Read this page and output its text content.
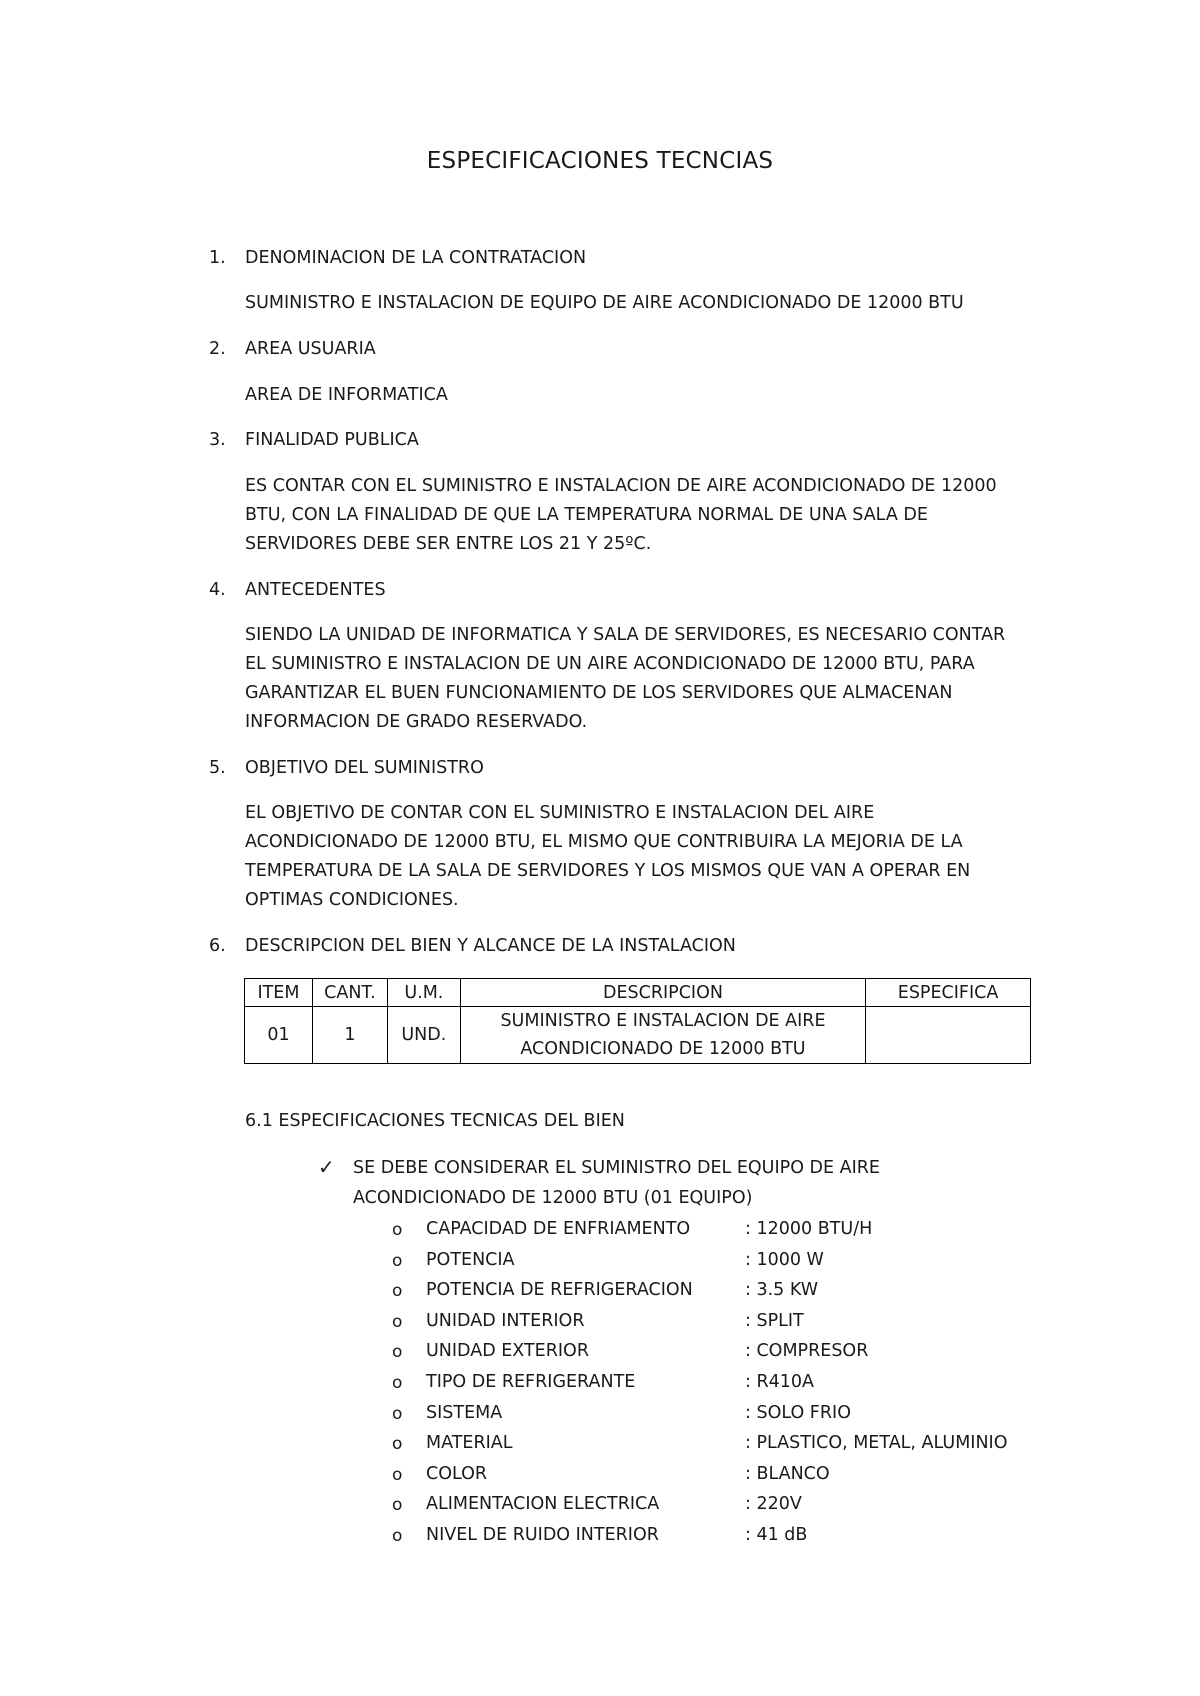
ESPECIFICACIONES TECNCIAS
1. DENOMINACION DE LA CONTRATACION
SUMINISTRO E INSTALACION DE EQUIPO DE AIRE ACONDICIONADO DE 12000 BTU
2. AREA USUARIA
AREA DE INFORMATICA
3. FINALIDAD PUBLICA
ES CONTAR CON EL SUMINISTRO E INSTALACION DE AIRE ACONDICIONADO DE 12000
BTU, CON LA FINALIDAD DE QUE LA TEMPERATURA NORMAL DE UNA SALA DE
SERVIDORES DEBE SER ENTRE LOS 21 Y 25ºC.
4. ANTECEDENTES
SIENDO LA UNIDAD DE INFORMATICA Y SALA DE SERVIDORES, ES NECESARIO CONTAR
EL SUMINISTRO E INSTALACION DE UN AIRE ACONDICIONADO DE 12000 BTU, PARA
GARANTIZAR EL BUEN FUNCIONAMIENTO DE LOS SERVIDORES QUE ALMACENAN
INFORMACION DE GRADO RESERVADO.
5. OBJETIVO DEL SUMINISTRO
EL OBJETIVO DE CONTAR CON EL SUMINISTRO E INSTALACION DEL AIRE
ACONDICIONADO DE 12000 BTU, EL MISMO QUE CONTRIBUIRA LA MEJORIA DE LA
TEMPERATURA DE LA SALA DE SERVIDORES Y LOS MISMOS QUE VAN A OPERAR EN
OPTIMAS CONDICIONES.
6. DESCRIPCION DEL BIEN Y ALCANCE DE LA INSTALACION
ITEM	CANT.	U.M.	DESCRIPCION	ESPECIFICA
01	1	UND.	SUMINISTRO E INSTALACION DE AIRE
ACONDICIONADO DE 12000 BTU	

6.1 ESPECIFICACIONES TECNICAS DEL BIEN
✓ SE DEBE CONSIDERAR EL SUMINISTRO DEL EQUIPO DE AIRE
ACONDICIONADO DE 12000 BTU (01 EQUIPO)
o CAPACIDAD DE ENFRIAMENTO	: 12000 BTU/H
o POTENCIA	: 1000 W
o POTENCIA DE REFRIGERACION	: 3.5 KW
o UNIDAD INTERIOR	: SPLIT
o UNIDAD EXTERIOR	: COMPRESOR
o TIPO DE REFRIGERANTE	: R410A
o SISTEMA	: SOLO FRIO
o MATERIAL	: PLASTICO, METAL, ALUMINIO
o COLOR	: BLANCO
o ALIMENTACION ELECTRICA	: 220V
o NIVEL DE RUIDO INTERIOR	: 41 dB
